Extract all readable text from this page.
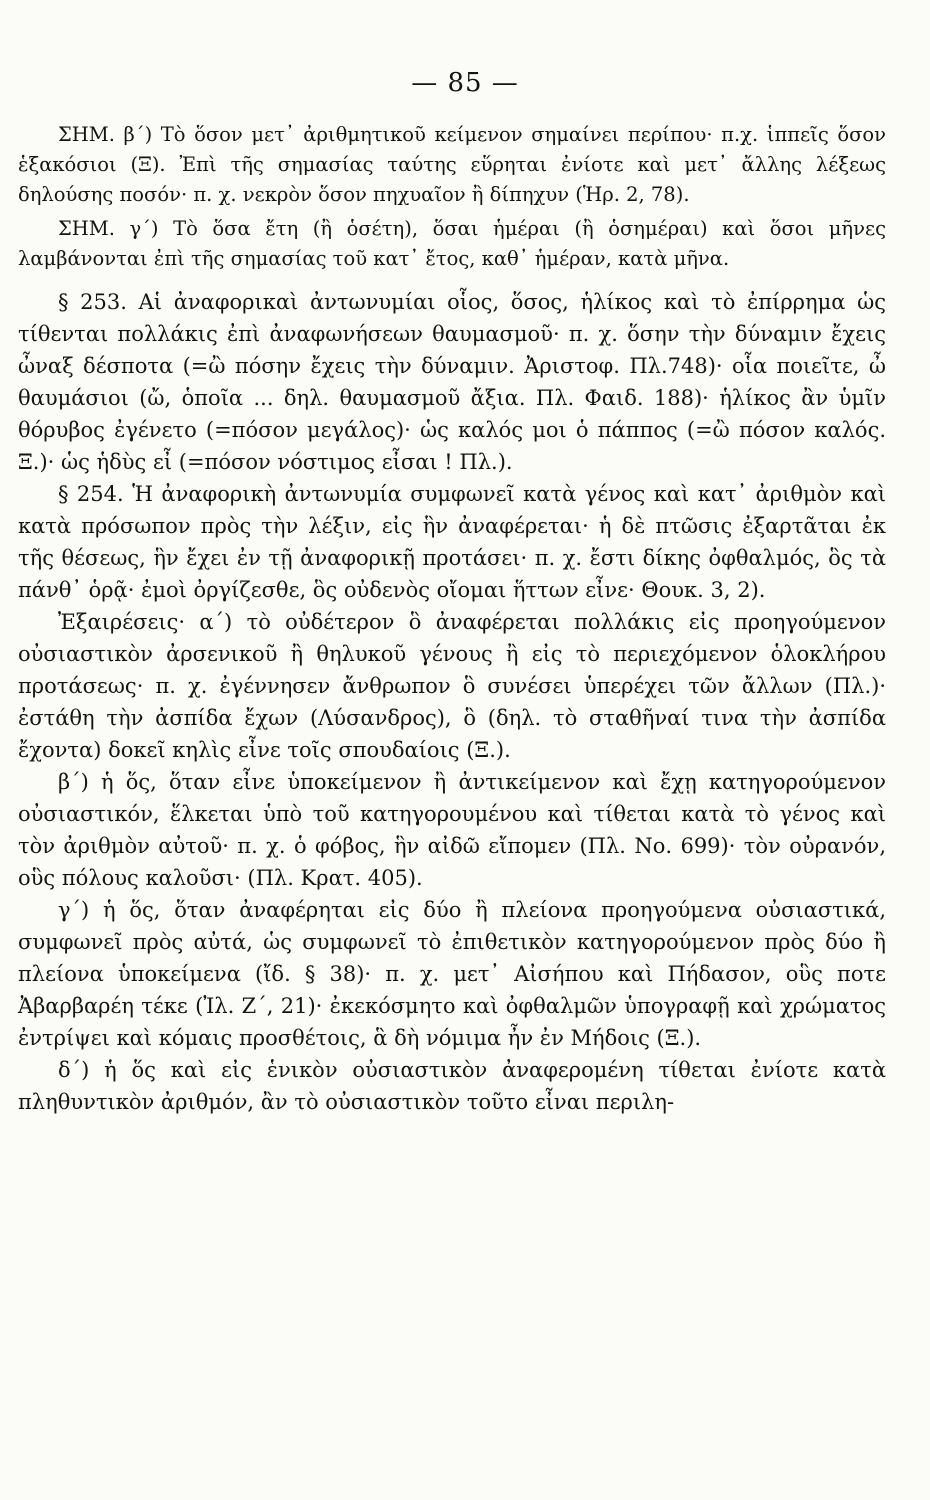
— 85 —

ΣΗΜ. β΄) Τὸ ὅσον μετ᾽ ἀριθμητικοῦ κείμενον σημαίνει περίπου· π.χ. ἱππεῖς ὅσον ἑξακόσιοι (Ξ). Ἐπὶ τῆς σημασίας ταύτης εὕρηται ἐνίοτε καὶ μετ᾽ ἄλλης λέξεως δηλούσης ποσόν· π. χ. νεκρὸν ὅσον πηχυαῖον ἢ δίπηχυν (Ἡρ. 2, 78).

ΣΗΜ. γ΄) Τὸ ὅσα ἔτη (ἢ ὁσέτη), ὅσαι ἡμέραι (ἢ ὁσημέραι) καὶ ὅσοι μῆνες λαμβάνονται ἐπὶ τῆς σημασίας τοῦ κατ᾽ ἔτος, καθ᾽ ἡμέραν, κατὰ μῆνα.

§ 253. Αἱ ἀναφορικαὶ ἀντωνυμίαι οἷος, ὅσος, ἡλίκος καὶ τὸ ἐπίρρημα ὡς τίθενται πολλάκις ἐπὶ ἀναφωνήσεων θαυμασμοῦ· π. χ. ὅσην τὴν δύναμιν ἔχεις ὦναξ δέσποτα (=ὢ πόσην ἔχεις τὴν δύναμιν. Ἀριστοφ. Πλ.748)· οἷα ποιεῖτε, ὦ θαυμάσιοι (ὤ, ὁποῖα ... δηλ. θαυμασμοῦ ἄξια. Πλ. Φαιδ. 188)· ἡλίκος ἂν ὑμῖν θόρυβος ἐγένετο (=πόσον μεγάλος)· ὡς καλός μοι ὁ πάππος (=ὢ πόσον καλός. Ξ.)· ὡς ἡδὺς εἶ (=πόσον νόστιμος εἶσαι ! Πλ.).

§ 254. Ἡ ἀναφορικὴ ἀντωνυμία συμφωνεῖ κατὰ γένος καὶ κατ᾽ ἀριθμὸν καὶ κατὰ πρόσωπον πρὸς τὴν λέξιν, εἰς ἣν ἀναφέρεται· ἡ δὲ πτῶσις ἐξαρτᾶται ἐκ τῆς θέσεως, ἣν ἔχει ἐν τῇ ἀναφορικῇ προτάσει· π. χ. ἔστι δίκης ὀφθαλμός, ὃς τὰ πάνθ᾽ ὁρᾷ· ἐμοὶ ὀργίζεσθε, ὃς οὐδενὸς οἴομαι ἥττων εἶνε· Θουκ. 3, 2).

Ἐξαιρέσεις· α΄) τὸ οὐδέτερον ὃ ἀναφέρεται πολλάκις εἰς προηγούμενον οὐσιαστικὸν ἀρσενικοῦ ἢ θηλυκοῦ γένους ἢ εἰς τὸ περιεχόμενον ὁλοκλήρου προτάσεως· π. χ. ἐγέννησεν ἄνθρωπον ὃ συνέσει ὑπερέχει τῶν ἄλλων (Πλ.)· ἐστάθη τὴν ἀσπίδα ἔχων (Λύσανδρος), ὃ (δηλ. τὸ σταθῆναί τινα τὴν ἀσπίδα ἔχοντα) δοκεῖ κηλὶς εἶνε τοῖς σπουδαίοις (Ξ.).

β΄) ἡ ὅς, ὅταν εἶνε ὑποκείμενον ἢ ἀντικείμενον καὶ ἔχῃ κατηγορούμενον οὐσιαστικόν, ἕλκεται ὑπὸ τοῦ κατηγορουμένου καὶ τίθεται κατὰ τὸ γένος καὶ τὸν ἀριθμὸν αὐτοῦ· π. χ. ὁ φόβος, ἣν αἰδῶ εἴπομεν (Πλ. Νο. 699)· τὸν οὐρανόν, οὓς πόλους καλοῦσι· (Πλ. Κρατ. 405).

γ΄) ἡ ὅς, ὅταν ἀναφέρηται εἰς δύο ἢ πλείονα προηγούμενα οὐσιαστικά, συμφωνεῖ πρὸς αὐτά, ὡς συμφωνεῖ τὸ ἐπιθετικὸν κατηγορούμενον πρὸς δύο ἢ πλείονα ὑποκείμενα (ἴδ. § 38)· π. χ. μετ᾽ Αἰσήπου καὶ Πήδασον, οὓς ποτε Ἀβαρβαρέη τέκε (Ἰλ. Ζ΄, 21)· ἐκεκόσμητο καὶ ὀφθαλμῶν ὑπογραφῇ καὶ χρώματος ἐντρίψει καὶ κόμαις προσθέτοις, ἃ δὴ νόμιμα ἦν ἐν Μήδοις (Ξ.).

δ΄) ἡ ὅς καὶ εἰς ἑνικὸν οὐσιαστικὸν ἀναφερομένη τίθεται ἐνίοτε κατὰ πληθυντικὸν ἀριθμόν, ἂν τὸ οὐσιαστικὸν τοῦτο εἶναι περιλη-
